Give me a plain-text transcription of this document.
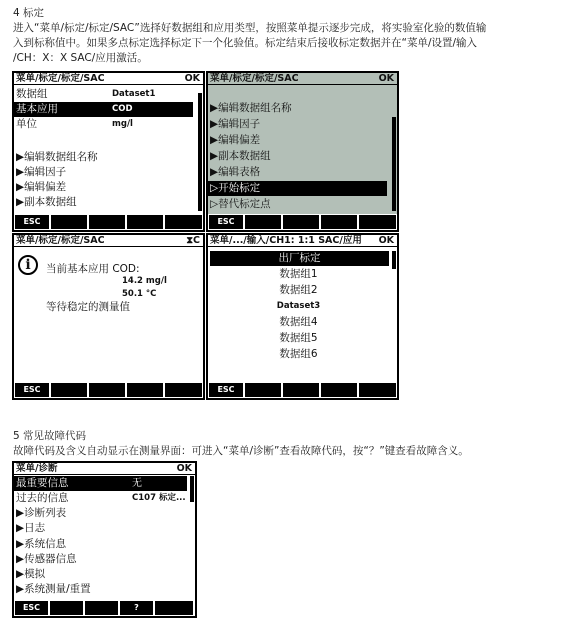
4 标定
进入“菜单/标定/标定/SAC”选择好数据组和应用类型，按照菜单提示逐步完成，将实验室化验的数值输
入到标称值中。如果多点标定选择标定下一个化验值。标定结束后接收标定数据并在“菜单/设置/输入
/CH：X：X SAC/应用激活。
菜单/标定/标定/SAC	OK
数据组	Dataset1
基本应用	COD
单位	mg/l
▶编辑数据组名称
▶编辑因子
▶编辑偏差
▶副本数据组
ESC
菜单/标定/标定/SAC	OK
▶编辑数据组名称
▶编辑因子
▶编辑偏差
▶副本数据组
▶编辑表格
▷开始标定
▷替代标定点
ESC
菜单/标定/标定/SAC	⧗C
i	当前基本应用 COD:
14.2 mg/l
50.1 °C
等待稳定的测量值
ESC
菜单/.../输入/CH1: 1:1 SAC/应用 OK
出厂标定
数据组1
数据组2
Dataset3
数据组4
数据组5
数据组6
ESC
5 常见故障代码
故障代码及含义自动显示在测量界面：可进入“菜单/诊断”查看故障代码，按“？”键查看故障含义。
菜单/诊断	OK
最重要信息	无
过去的信息	C107 标定...
▶诊断列表
▶日志
▶系统信息
▶传感器信息
▶模拟
▶系统测量/重置
ESC	?
